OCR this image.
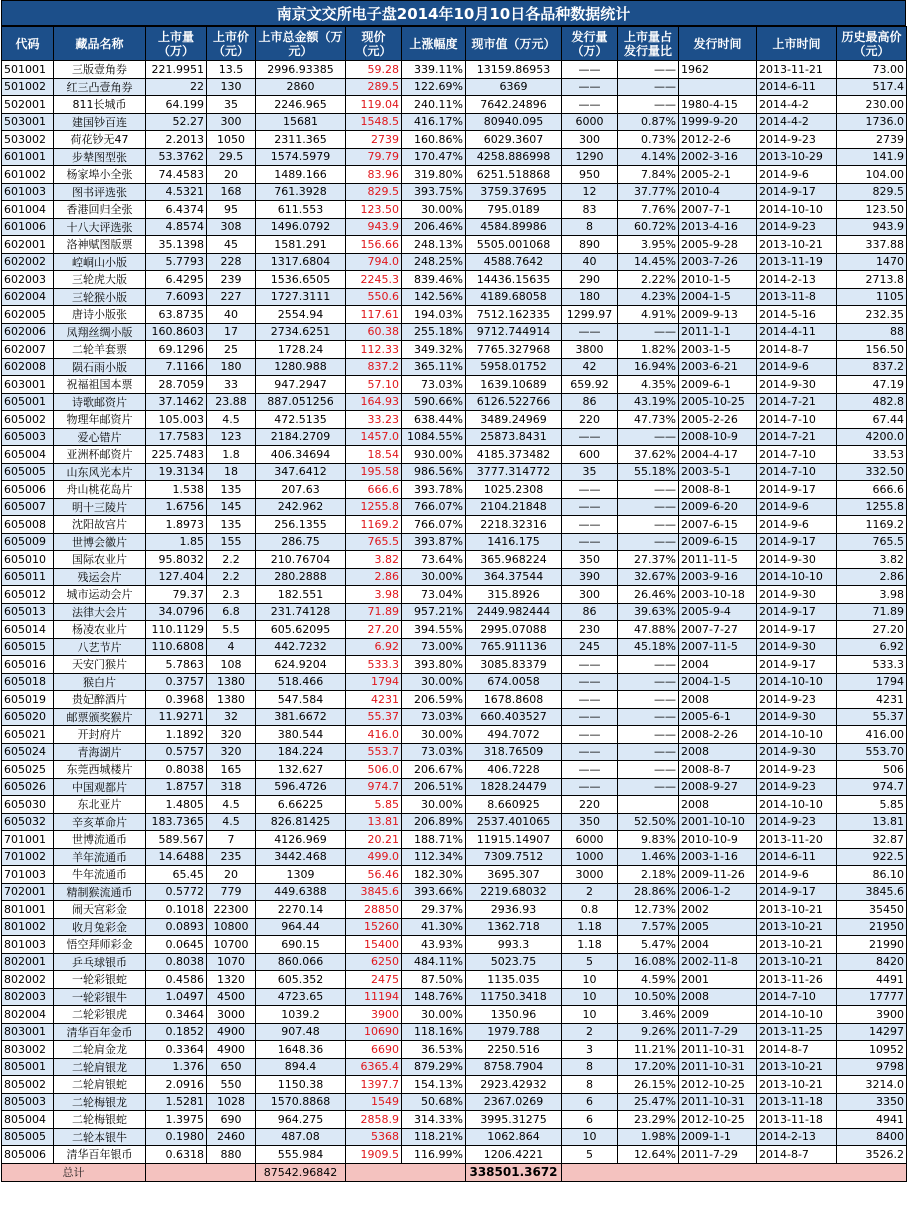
南京文交所电子盘2014年10月10日各品种数据统计
代码	藏品名称	上市量（万）	上市价（元）	上市总金额（万元）	现价（元）	上涨幅度	现市值（万元）	发行量（万）	上市量占发行量比	发行时间	上市时间	历史最高价（元）
501001	三版壹角券	221.9951	13.5	2996.93385	59.28	339.11%	13159.86953	——	——	1962	2013-11-21	73.00
501002	红三凸壹角券	22	130	2860	289.5	122.69%	6369	——	——		2014-6-11	517.4
502001	811长城币	64.199	35	2246.965	119.04	240.11%	7642.24896	——	——	1980-4-15	2014-4-2	230.00
503001	建国钞百连	52.27	300	15681	1548.5	416.17%	80940.095	6000	0.87%	1999-9-20	2014-4-2	1736.0
503002	荷花钞无47	2.2013	1050	2311.365	2739	160.86%	6029.3607	300	0.73%	2012-2-6	2014-9-23	2739
601001	步辇图型张	53.3762	29.5	1574.5979	79.79	170.47%	4258.886998	1290	4.14%	2002-3-16	2013-10-29	141.9
601002	杨家埠小全张	74.4583	20	1489.166	83.96	319.80%	6251.518868	950	7.84%	2005-2-1	2014-9-6	104.00
601003	图书评选张	4.5321	168	761.3928	829.5	393.75%	3759.37695	12	37.77%	2010-4	2014-9-17	829.5
601004	香港回归全张	6.4374	95	611.553	123.50	30.00%	795.0189	83	7.76%	2007-7-1	2014-10-10	123.50
601006	十八大评选张	4.8574	308	1496.0792	943.9	206.46%	4584.89986	8	60.72%	2013-4-16	2014-9-23	943.9
602001	洛神赋图版票	35.1398	45	1581.291	156.66	248.13%	5505.001068	890	3.95%	2005-9-28	2013-10-21	337.88
602002	崆峒山小版	5.7793	228	1317.6804	794.0	248.25%	4588.7642	40	14.45%	2003-7-26	2013-11-19	1470
602003	三轮虎大版	6.4295	239	1536.6505	2245.3	839.46%	14436.15635	290	2.22%	2010-1-5	2014-2-13	2713.8
602004	三轮猴小版	7.6093	227	1727.3111	550.6	142.56%	4189.68058	180	4.23%	2004-1-5	2013-11-8	1105
602005	唐诗小版张	63.8735	40	2554.94	117.61	194.03%	7512.162335	1299.97	4.91%	2009-9-13	2014-5-16	232.35
602006	凤翔丝绸小版	160.8603	17	2734.6251	60.38	255.18%	9712.744914	——	——	2011-1-1	2014-4-11	88
602007	二轮羊套票	69.1296	25	1728.24	112.33	349.32%	7765.327968	3800	1.82%	2003-1-5	2014-8-7	156.50
602008	陨石雨小版	7.1166	180	1280.988	837.2	365.11%	5958.01752	42	16.94%	2003-6-21	2014-9-6	837.2
603001	祝福祖国本票	28.7059	33	947.2947	57.10	73.03%	1639.10689	659.92	4.35%	2009-6-1	2014-9-30	47.19
605001	诗歌邮资片	37.1462	23.88	887.051256	164.93	590.66%	6126.522766	86	43.19%	2005-10-25	2014-7-21	482.8
605002	物理年邮资片	105.003	4.5	472.5135	33.23	638.44%	3489.24969	220	47.73%	2005-2-26	2014-7-10	67.44
605003	爱心错片	17.7583	123	2184.2709	1457.0	1084.55%	25873.8431	——	——	2008-10-9	2014-7-21	4200.0
605004	亚洲杯邮资片	225.7483	1.8	406.34694	18.54	930.00%	4185.373482	600	37.62%	2004-4-17	2014-7-10	33.53
605005	山东风光本片	19.3134	18	347.6412	195.58	986.56%	3777.314772	35	55.18%	2003-5-1	2014-7-10	332.50
605006	舟山桃花岛片	1.538	135	207.63	666.6	393.78%	1025.2308	——	——	2008-8-1	2014-9-17	666.6
605007	明十三陵片	1.6756	145	242.962	1255.8	766.07%	2104.21848	——	——	2009-6-20	2014-9-6	1255.8
605008	沈阳故宫片	1.8973	135	256.1355	1169.2	766.07%	2218.32316	——	——	2007-6-15	2014-9-6	1169.2
605009	世博会徽片	1.85	155	286.75	765.5	393.87%	1416.175	——	——	2009-6-15	2014-9-17	765.5
605010	国际农业片	95.8032	2.2	210.76704	3.82	73.64%	365.968224	350	27.37%	2011-11-5	2014-9-30	3.82
605011	残运会片	127.404	2.2	280.2888	2.86	30.00%	364.37544	390	32.67%	2003-9-16	2014-10-10	2.86
605012	城市运动会片	79.37	2.3	182.551	3.98	73.04%	315.8926	300	26.46%	2003-10-18	2014-9-30	3.98
605013	法律大会片	34.0796	6.8	231.74128	71.89	957.21%	2449.982444	86	39.63%	2005-9-4	2014-9-17	71.89
605014	杨凌农业片	110.1129	5.5	605.62095	27.20	394.55%	2995.07088	230	47.88%	2007-7-27	2014-9-17	27.20
605015	八艺节片	110.6808	4	442.7232	6.92	73.00%	765.911136	245	45.18%	2007-11-5	2014-9-30	6.92
605016	天安门猴片	5.7863	108	624.9204	533.3	393.80%	3085.83379	——	——	2004	2014-9-17	533.3
605018	猴白片	0.3757	1380	518.466	1794	30.00%	674.0058	——	——	2004-1-5	2014-10-10	1794
605019	贵妃醉酒片	0.3968	1380	547.584	4231	206.59%	1678.8608	——	——	2008	2014-9-23	4231
605020	邮票颁奖猴片	11.9271	32	381.6672	55.37	73.03%	660.403527	——	——	2005-6-1	2014-9-30	55.37
605021	开封府片	1.1892	320	380.544	416.0	30.00%	494.7072	——	——	2008-2-26	2014-10-10	416.00
605024	青海湖片	0.5757	320	184.224	553.7	73.03%	318.76509	——	——	2008	2014-9-30	553.70
605025	东莞西城楼片	0.8038	165	132.627	506.0	206.67%	406.7228	——	——	2008-8-7	2014-9-23	506
605026	中国观都片	1.8757	318	596.4726	974.7	206.51%	1828.24479	——	——	2008-9-27	2014-9-23	974.7
605030	东北亚片	1.4805	4.5	6.66225	5.85	30.00%	8.660925	220		2008	2014-10-10	5.85
605032	辛亥革命片	183.7365	4.5	826.81425	13.81	206.89%	2537.401065	350	52.50%	2001-10-10	2014-9-23	13.81
701001	世博流通币	589.567	7	4126.969	20.21	188.71%	11915.14907	6000	9.83%	2010-10-9	2013-11-20	32.87
701002	羊年流通币	14.6488	235	3442.468	499.0	112.34%	7309.7512	1000	1.46%	2003-1-16	2014-6-11	922.5
701003	牛年流通币	65.45	20	1309	56.46	182.30%	3695.307	3000	2.18%	2009-11-26	2014-9-6	86.10
702001	精制猴流通币	0.5772	779	449.6388	3845.6	393.66%	2219.68032	2	28.86%	2006-1-2	2014-9-17	3845.6
801001	闹天宫彩金	0.1018	22300	2270.14	28850	29.37%	2936.93	0.8	12.73%	2002	2013-10-21	35450
801002	收月兔彩金	0.0893	10800	964.44	15260	41.30%	1362.718	1.18	7.57%	2005	2013-10-21	21950
801003	悟空拜师彩金	0.0645	10700	690.15	15400	43.93%	993.3	1.18	5.47%	2004	2013-10-21	21990
802001	乒乓球银币	0.8038	1070	860.066	6250	484.11%	5023.75	5	16.08%	2002-11-8	2013-10-21	8420
802002	一轮彩银蛇	0.4586	1320	605.352	2475	87.50%	1135.035	10	4.59%	2001	2013-11-26	4491
802003	一轮彩银牛	1.0497	4500	4723.65	11194	148.76%	11750.3418	10	10.50%	2008	2014-7-10	17777
802004	二轮彩银虎	0.3464	3000	1039.2	3900	30.00%	1350.96	10	3.46%	2009	2014-10-10	3900
803001	清华百年金币	0.1852	4900	907.48	10690	118.16%	1979.788	2	9.26%	2011-7-29	2013-11-25	14297
803002	二轮肩金龙	0.3364	4900	1648.36	6690	36.53%	2250.516	3	11.21%	2011-10-31	2014-8-7	10952
805001	二轮肩银龙	1.376	650	894.4	6365.4	879.29%	8758.7904	8	17.20%	2011-10-31	2013-10-21	9798
805002	二轮肩银蛇	2.0916	550	1150.38	1397.7	154.13%	2923.42932	8	26.15%	2012-10-25	2013-10-21	3214.0
805003	二轮梅银龙	1.5281	1028	1570.8868	1549	50.68%	2367.0269	6	25.47%	2011-10-31	2013-11-18	3350
805004	二轮梅银蛇	1.3975	690	964.275	2858.9	314.33%	3995.31275	6	23.29%	2012-10-25	2013-11-18	4941
805005	二轮本银牛	0.1980	2460	487.08	5368	118.21%	1062.864	10	1.98%	2009-1-1	2014-2-13	8400
805006	清华百年银币	0.6318	880	555.984	1909.5	116.99%	1206.4221	5	12.64%	2011-7-29	2014-8-7	3526.2
总计				87542.96842			338501.3672					
